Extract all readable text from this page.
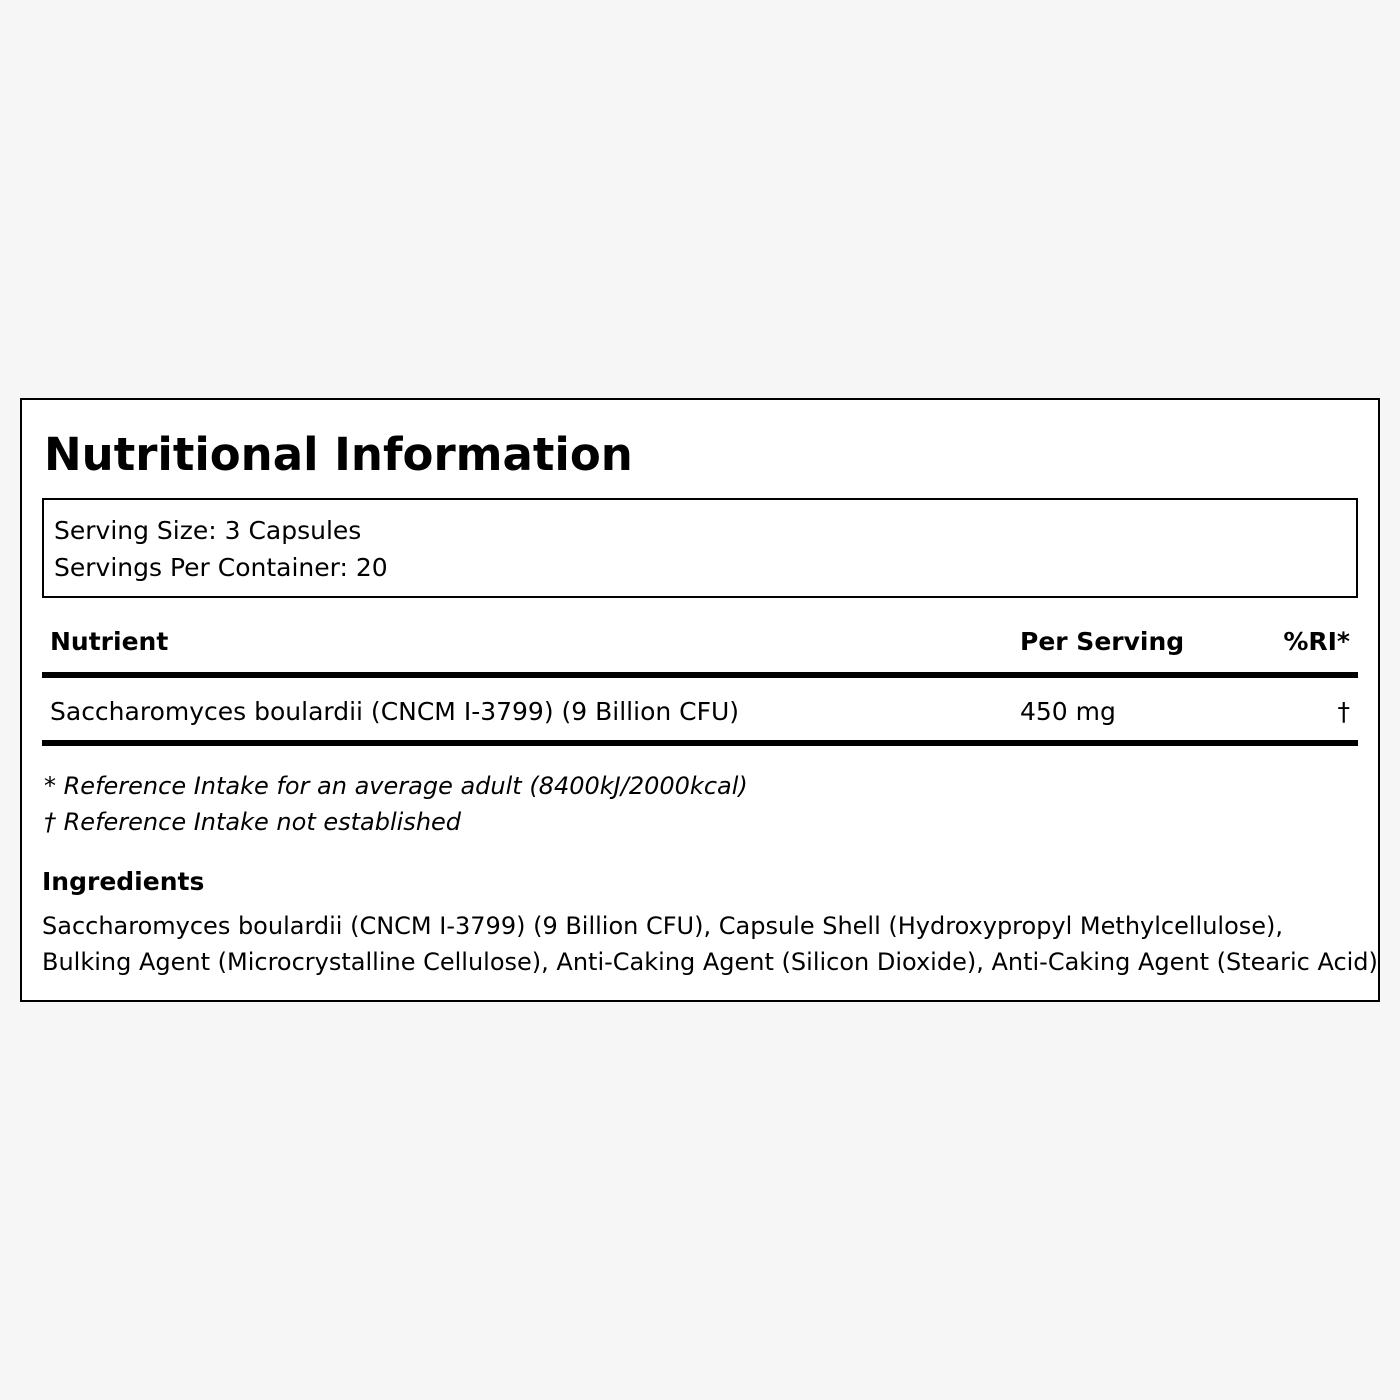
Nutritional Information
Serving Size: 3 Capsules
Servings Per Container: 20
Nutrient	Per Serving	%RI*
Saccharomyces boulardii (CNCM I-3799) (9 Billion CFU)	450 mg	†
* Reference Intake for an average adult (8400kJ/2000kcal)
† Reference Intake not established
Ingredients
Saccharomyces boulardii (CNCM I-3799) (9 Billion CFU), Capsule Shell (Hydroxypropyl Methylcellulose),
Bulking Agent (Microcrystalline Cellulose), Anti-Caking Agent (Silicon Dioxide), Anti-Caking Agent (Stearic Acid)
